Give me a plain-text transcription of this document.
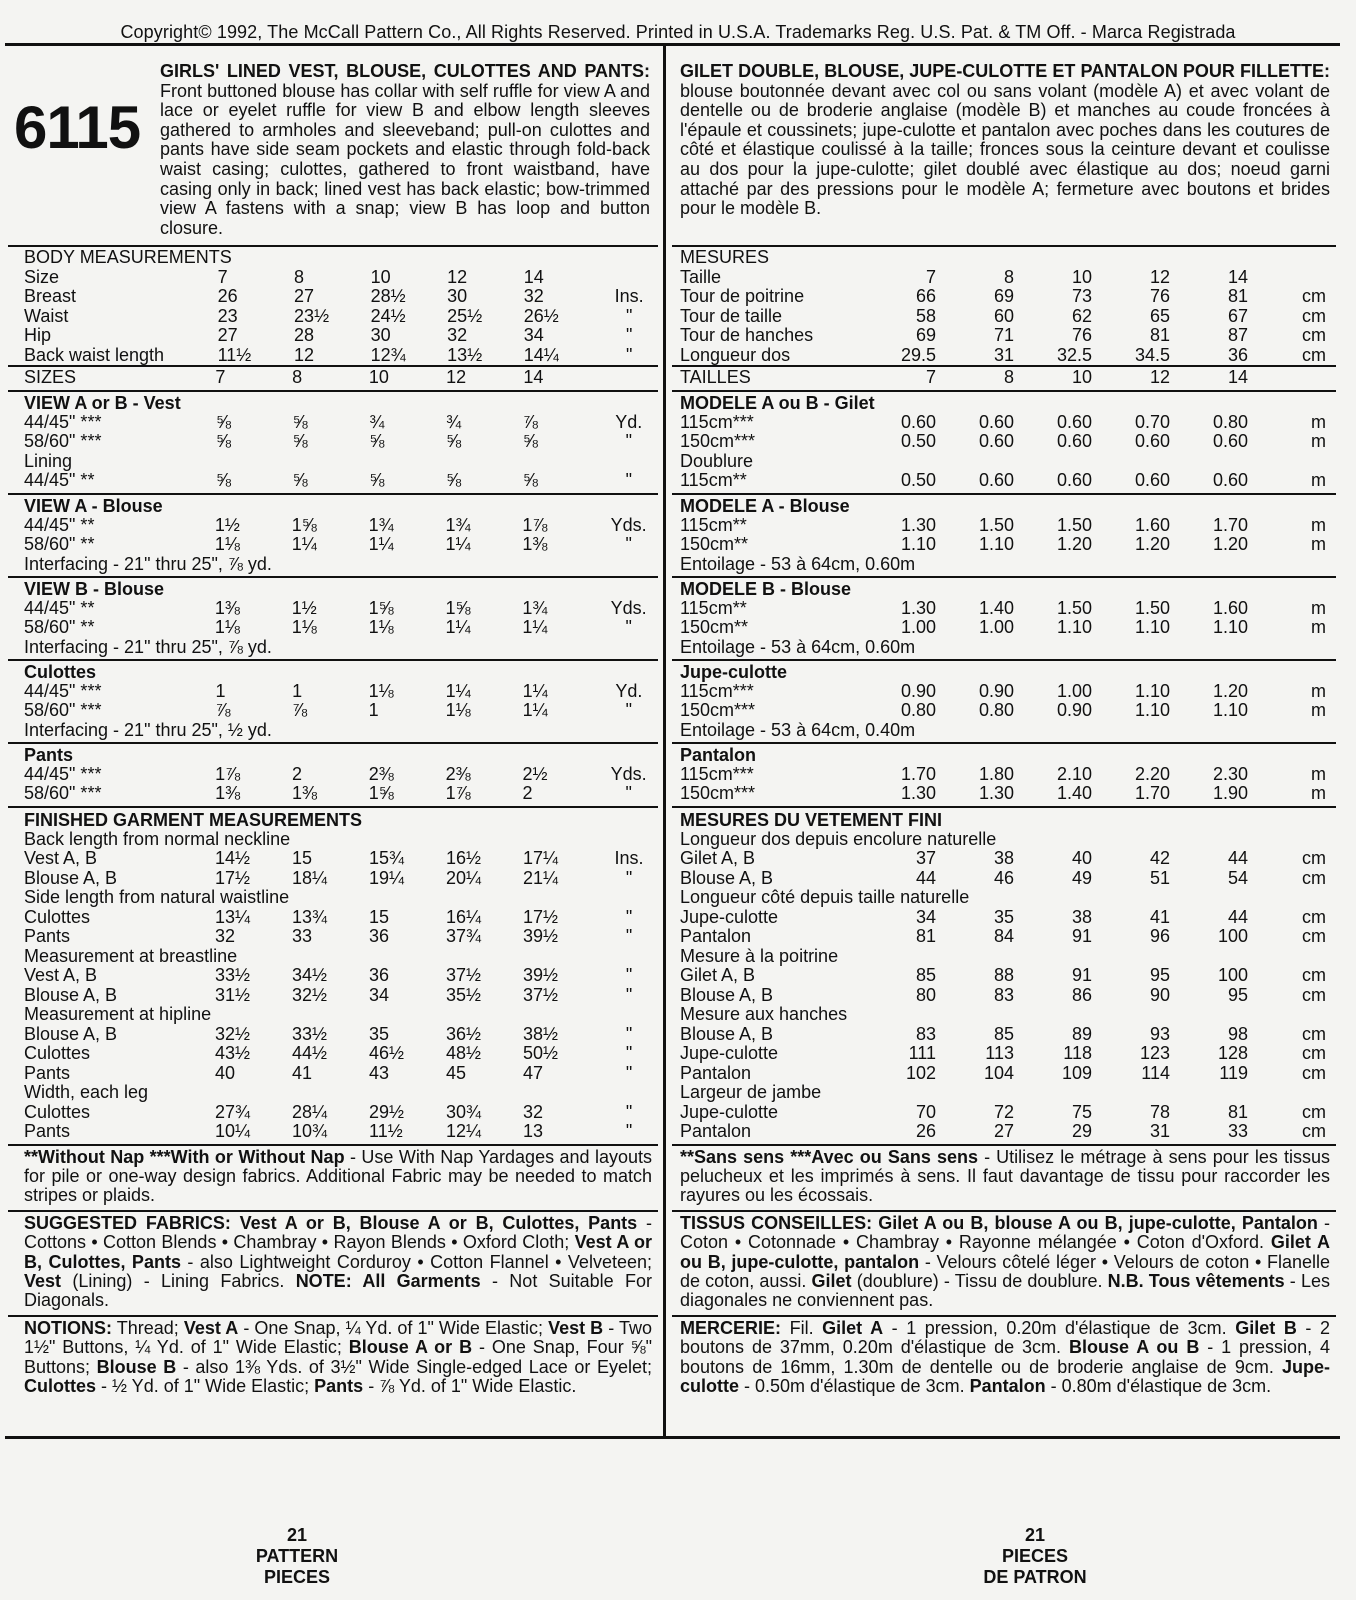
Copyright© 1992, The McCall Pattern Co., All Rights Reserved. Printed in U.S.A. Trademarks Reg. U.S. Pat. & TM Off. - Marca Registrada
6115
GIRLS' LINED VEST, BLOUSE, CULOTTES AND PANTS: Front buttoned blouse has collar with self ruffle for view A and lace or eyelet ruffle for view B and elbow length sleeves gathered to armholes and sleeveband; pull-on culottes and pants have side seam pockets and elastic through fold-back waist casing; culottes, gathered to front waistband, have casing only in back; lined vest has back elastic; bow-trimmed view A fastens with a snap; view B has loop and button closure.
BODY MEASUREMENTS
Size	7	8	10	12	14	
Breast	26	27	28½	30	32	Ins.
Waist	23	23½	24½	25½	26½	"
Hip	27	28	30	32	34	"
Back waist length	11½	12	12¾	13½	14¼	"
SIZES	7	8	10	12	14	
VIEW A or B - Vest
44/45" ***	⅝	⅝	¾	¾	⅞	Yd.
58/60" ***	⅝	⅝	⅝	⅝	⅝	"
Lining						
44/45" **	⅝	⅝	⅝	⅝	⅝	"
VIEW A - Blouse
44/45" **	1½	1⅝	1¾	1¾	1⅞	Yds.
58/60" **	1⅛	1¼	1¼	1¼	1⅜	"
Interfacing - 21" thru 25", ⅞ yd.
VIEW B - Blouse
44/45" **	1⅜	1½	1⅝	1⅝	1¾	Yds.
58/60" **	1⅛	1⅛	1⅛	1¼	1¼	"
Interfacing - 21" thru 25", ⅞ yd.
Culottes
44/45" ***	1	1	1⅛	1¼	1¼	Yd.
58/60" ***	⅞	⅞	1	1⅛	1¼	"
Interfacing - 21" thru 25", ½ yd.
Pants
44/45" ***	1⅞	2	2⅜	2⅜	2½	Yds.
58/60" ***	1⅜	1⅜	1⅝	1⅞	2	"
FINISHED GARMENT MEASUREMENTS
Back length from normal neckline						
Vest A, B	14½	15	15¾	16½	17¼	Ins.
Blouse A, B	17½	18¼	19¼	20¼	21¼	"
Side length from natural waistline						
Culottes	13¼	13¾	15	16¼	17½	"
Pants	32	33	36	37¾	39½	"
Measurement at breastline						
Vest A, B	33½	34½	36	37½	39½	"
Blouse A, B	31½	32½	34	35½	37½	"
Measurement at hipline						
Blouse A, B	32½	33½	35	36½	38½	"
Culottes	43½	44½	46½	48½	50½	"
Pants	40	41	43	45	47	"
Width, each leg						
Culottes	27¾	28¼	29½	30¾	32	"
Pants	10¼	10¾	11½	12¼	13	"
**Without Nap ***With or Without Nap - Use With Nap Yardages and layouts for pile or one-way design fabrics. Additional Fabric may be needed to match stripes or plaids.
SUGGESTED FABRICS: Vest A or B, Blouse A or B, Culottes, Pants - Cottons • Cotton Blends • Chambray • Rayon Blends • Oxford Cloth; Vest A or B, Culottes, Pants - also Lightweight Corduroy • Cotton Flannel • Velveteen; Vest (Lining) - Lining Fabrics. NOTE: All Garments - Not Suitable For Diagonals.
NOTIONS: Thread; Vest A - One Snap, ¼ Yd. of 1" Wide Elastic; Vest B - Two 1½" Buttons, ¼ Yd. of 1" Wide Elastic; Blouse A or B - One Snap, Four ⅝" Buttons; Blouse B - also 1⅜ Yds. of 3½" Wide Single-edged Lace or Eyelet; Culottes - ½ Yd. of 1" Wide Elastic; Pants - ⅞ Yd. of 1" Wide Elastic.
GILET DOUBLE, BLOUSE, JUPE-CULOTTE ET PANTALON POUR FILLETTE: blouse boutonnée devant avec col ou sans volant (modèle A) et avec volant de dentelle ou de broderie anglaise (modèle B) et manches au coude froncées à l'épaule et coussinets; jupe-culotte et pantalon avec poches dans les coutures de côté et élastique coulissé à la taille; fronces sous la ceinture devant et coulisse au dos pour la jupe-culotte; gilet doublé avec élastique au dos; noeud garni attaché par des pressions pour le modèle A; fermeture avec boutons et brides pour le modèle B.
MESURES
Taille	7	8	10	12	14	
Tour de poitrine	66	69	73	76	81	cm
Tour de taille	58	60	62	65	67	cm
Tour de hanches	69	71	76	81	87	cm
Longueur dos	29.5	31	32.5	34.5	36	cm
TAILLES	7	8	10	12	14	
MODELE A ou B - Gilet
115cm***	0.60	0.60	0.60	0.70	0.80	m
150cm***	0.50	0.60	0.60	0.60	0.60	m
Doublure						
115cm**	0.50	0.60	0.60	0.60	0.60	m
MODELE A - Blouse
115cm**	1.30	1.50	1.50	1.60	1.70	m
150cm**	1.10	1.10	1.20	1.20	1.20	m
Entoilage - 53 à 64cm, 0.60m
MODELE B - Blouse
115cm**	1.30	1.40	1.50	1.50	1.60	m
150cm**	1.00	1.00	1.10	1.10	1.10	m
Entoilage - 53 à 64cm, 0.60m
Jupe-culotte
115cm***	0.90	0.90	1.00	1.10	1.20	m
150cm***	0.80	0.80	0.90	1.10	1.10	m
Entoilage - 53 à 64cm, 0.40m
Pantalon
115cm***	1.70	1.80	2.10	2.20	2.30	m
150cm***	1.30	1.30	1.40	1.70	1.90	m
MESURES DU VETEMENT FINI
Longueur dos depuis encolure naturelle						
Gilet A, B	37	38	40	42	44	cm
Blouse A, B	44	46	49	51	54	cm
Longueur côté depuis taille naturelle						
Jupe-culotte	34	35	38	41	44	cm
Pantalon	81	84	91	96	100	cm
Mesure à la poitrine						
Gilet A, B	85	88	91	95	100	cm
Blouse A, B	80	83	86	90	95	cm
Mesure aux hanches						
Blouse A, B	83	85	89	93	98	cm
Jupe-culotte	111	113	118	123	128	cm
Pantalon	102	104	109	114	119	cm
Largeur de jambe						
Jupe-culotte	70	72	75	78	81	cm
Pantalon	26	27	29	31	33	cm
**Sans sens ***Avec ou Sans sens - Utilisez le métrage à sens pour les tissus pelucheux et les imprimés à sens. Il faut davantage de tissu pour raccorder les rayures ou les écossais.
TISSUS CONSEILLES: Gilet A ou B, blouse A ou B, jupe-culotte, Pantalon - Coton • Cotonnade • Chambray • Rayonne mélangée • Coton d'Oxford. Gilet A ou B, jupe-culotte, pantalon - Velours côtelé léger • Velours de coton • Flanelle de coton, aussi. Gilet (doublure) - Tissu de doublure. N.B. Tous vêtements - Les diagonales ne conviennent pas.
MERCERIE: Fil. Gilet A - 1 pression, 0.20m d'élastique de 3cm. Gilet B - 2 boutons de 37mm, 0.20m d'élastique de 3cm. Blouse A ou B - 1 pression, 4 boutons de 16mm, 1.30m de dentelle ou de broderie anglaise de 9cm. Jupe-culotte - 0.50m d'élastique de 3cm. Pantalon - 0.80m d'élastique de 3cm.
21
PATTERN
PIECES
21
PIECES
DE PATRON
